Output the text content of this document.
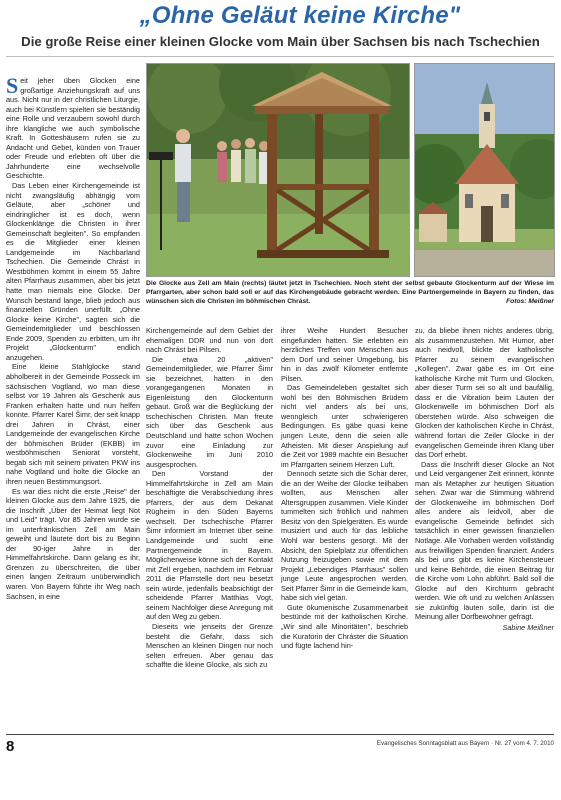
„Ohne Geläut keine Kirche"
Die große Reise einer kleinen Glocke vom Main über Sachsen bis nach Tschechien
Die Glocke aus Zell am Main (rechts) läutet jetzt in Tschechien. Noch steht der selbst gebaute Glockenturm auf der Wiese im Pfarrgarten, aber schon bald soll er auf das Kirchengebäude gebracht werden. Eine Partnergemeinde in Bayern zu finden, das wünschen sich die Christen im böhmischen Chrást.	Fotos: Meißner

Seit jeher üben Glocken eine großartige Anziehungskraft auf uns aus. Nicht nur in der christlichen Liturgie, auch bei Künstlern spielten sie beständig eine Rolle und verzaubern sowohl durch ihre klangliche wie auch symbolische Kraft. In Gotteshäusern rufen sie zu Andacht und Gebet, künden von Trauer oder Freude und erlebten oft über die Jahrhunderte eine wechselvolle Geschichte.

Das Leben einer Kirchengemeinde ist nicht zwangsläufig abhängig vom Geläute, aber „schöner und eindringlicher ist es doch, wenn Glockenklänge die Christen in ihrer Gemeinschaft begleiten". So empfanden es die Mitglieder einer kleinen Landgemeinde im Nachbarland Tschechien. Die Gemeinde Chrást in Westböhmen kommt in einem 55 Jahre alten Pfarrhaus zusammen, aber bis jetzt hatte man niemals eine Glocke. Der Wunsch bestand lange, blieb jedoch aus finanziellen Gründen unerfüllt. „Ohne Glocke keine Kirche", sagten sich die Gemeindemitglieder und beschlossen Ende 2009, Spenden zu erbitten, um ihr Projekt „Glockenturm" endlich anzugehen.

Eine kleine Stahlglocke stand abholbereit in der Gemeinde Posseck im sächsischen Vogtland, wo man diese selbst vor 19 Jahren als Geschenk aus Franken erhalten hatte und nun helfen konnte. Pfarrer Karel Šimr, der seit knapp drei Jahren in Chrást, einer Landgemeinde der evangelischen Kirche der böhmischen Brüder (EKBB) im westböhmischen Seniorat vorsteht, begab sich mit seinem privaten PKW ins nahe Vogtland und holte die Glocke an ihren neuen Bestimmungsort.

Es war dies nicht die erste „Reise" der kleinen Glocke aus dem Jahre 1925, die die Inschrift „Über der Heimat liegt Not und Leid" trägt. Vor 85 Jahren wurde sie im unterfränkischen Zell am Main geweiht und läutete dort bis zu Beginn der 90-iger Jahre in der Himmelfahrtskirche. Dann gelang es ihr, Grenzen zu überschreiten, die über einen langen Zeitraum unüberwindlich waren. Von Bayern führte ihr Weg nach Sachsen, in eine

Kirchengemeinde auf dem Gebiet der ehemaligen DDR und nun von dort nach Chrást bei Pilsen.

Die etwa 20 „aktiven" Gemeindemitglieder, wie Pfarrer Šimr sie bezeichnet, hatten in den vorangegangenen Monaten in Eigenleistung den Glockenturm gebaut. Groß war die Beglückung der tschechischen Christen. Man freute sich über das Geschenk aus Deutschland und hatte schon Wochen zuvor eine Einladung zur Glockenweihe im Juni 2010 ausgesprochen.

Den Vorstand der Himmelfahrtskirche in Zell am Main beschäftigte die Verabschiedung ihres Pfarrers, der aus dem Dekanat Rügheim in den Süden Bayerns wechselt. Der tschechische Pfarrer Šimr informiert im Internet über seine Landgemeinde und sucht eine Partnergemeinde in Bayern. Möglicherweise könne sich der Kontakt mit Zell ergeben, nachdem im Februar 2011 die Pfarrstelle dort neu besetzt sein würde, jedenfalls beabsichtigt der scheidende Pfarrer Matthias Vogt, seinem Nachfolger diese Anregung mit auf den Weg zu geben.

Dieseits wie jenseits der Grenze besteht die Gefahr, dass sich Menschen an kleinen Dingen nur noch selten erfreuen. Aber genau das schaffte die kleine Glocke, als sich zu

ihrer Weihe Hundert Besucher eingefunden hatten. Sie erlebten ein herzliches Treffen von Menschen aus dem Dorf und seiner Umgebung, bis hin in das zwölf Kilometer entfernte Pilsen.

Das Gemeindeleben gestaltet sich wohl bei den Böhmischen Brüdern nicht viel anders als bei uns, wenngleich unter schwierigeren Bedingungen. Es gäbe quasi keine jungen Leute, denn die seien alle Atheisten. Mit dieser Anspielung auf die Zeit vor 1989 machte ein Besucher im Pfarrgarten seinem Herzen Luft.

Dennoch setzte sich die Schar derer, die an der Weihe der Glocke teilhaben wollten, aus Menschen aller Altersgruppen zusammen. Viele Kinder tummelten sich fröhlich und nahmen Besitz von den Spielgeräten. Es wurde musiziert und auch für das leibliche Wohl war bestens gesorgt. Mit der Absicht, den Spielplatz zur öffentlichen Nutzung freizugeben sowie mit dem Projekt „Lebendiges Pfarrhaus" sollen junge Leute angesprochen werden. Seit Pfarrer Šimr in die Gemeinde kam, habe sich viel getan.

Gute ökumenische Zusammenarbeit bestünde mit der katholischen Kirche. „Wir sind alle Minoritäten", beschrieb die Kuratorin der Chráster die Situation und fügte lachend hin-

zu, da bliebe ihnen nichts anderes übrig, als zusammenzustehen. Mit Humor, aber auch neidvoll, blickte der katholische Pfarrer zu seinem evangelischen „Kollegen". Zwar gäbe es im Ort eine katholische Kirche mit Turm und Glocken, aber dieser Turm sei so alt und baufällig, dass er die Vibration beim Läuten der Glockenwelle im böhmischen Dorf als überstehen würde. Also schweigen die Glocken der katholischen Kirche in Chrást, während fortan die Zeiler Glocke in der evangelischen Gemeinde ihren Klang über das Dorf erhebt.

Dass die Inschrift dieser Glocke an Not und Leid vergangener Zeit erinnert, könnte man als Metapher zur heutigen Situation sehen. Zwar war die Stimmung während der Glockenweihe im böhmischen Dorf alles andere als leidvoll, aber die evangelische Gemeinde befindet sich tatsächlich in einer gewissen finanziellen Notlage. Alle Vorhaben werden vollständig aus freiwilligen Spenden finanziert. Anders als bei uns gibt es keine Kirchensteuer und keine Behörde, die einen Beitrag für die Kirche vom Lohn abführt. Bald soll die Glocke auf den Kirchturm gebracht werden. Wie oft und zu welchen Anlässen sie zukünftig läuten solle, darin ist die Meinung aller Dorfbewohner gefragt.

Sabine Meißner
8	Evangelisches Sonntagsblatt aus Bayern · Nr. 27 vom 4. 7. 2010
